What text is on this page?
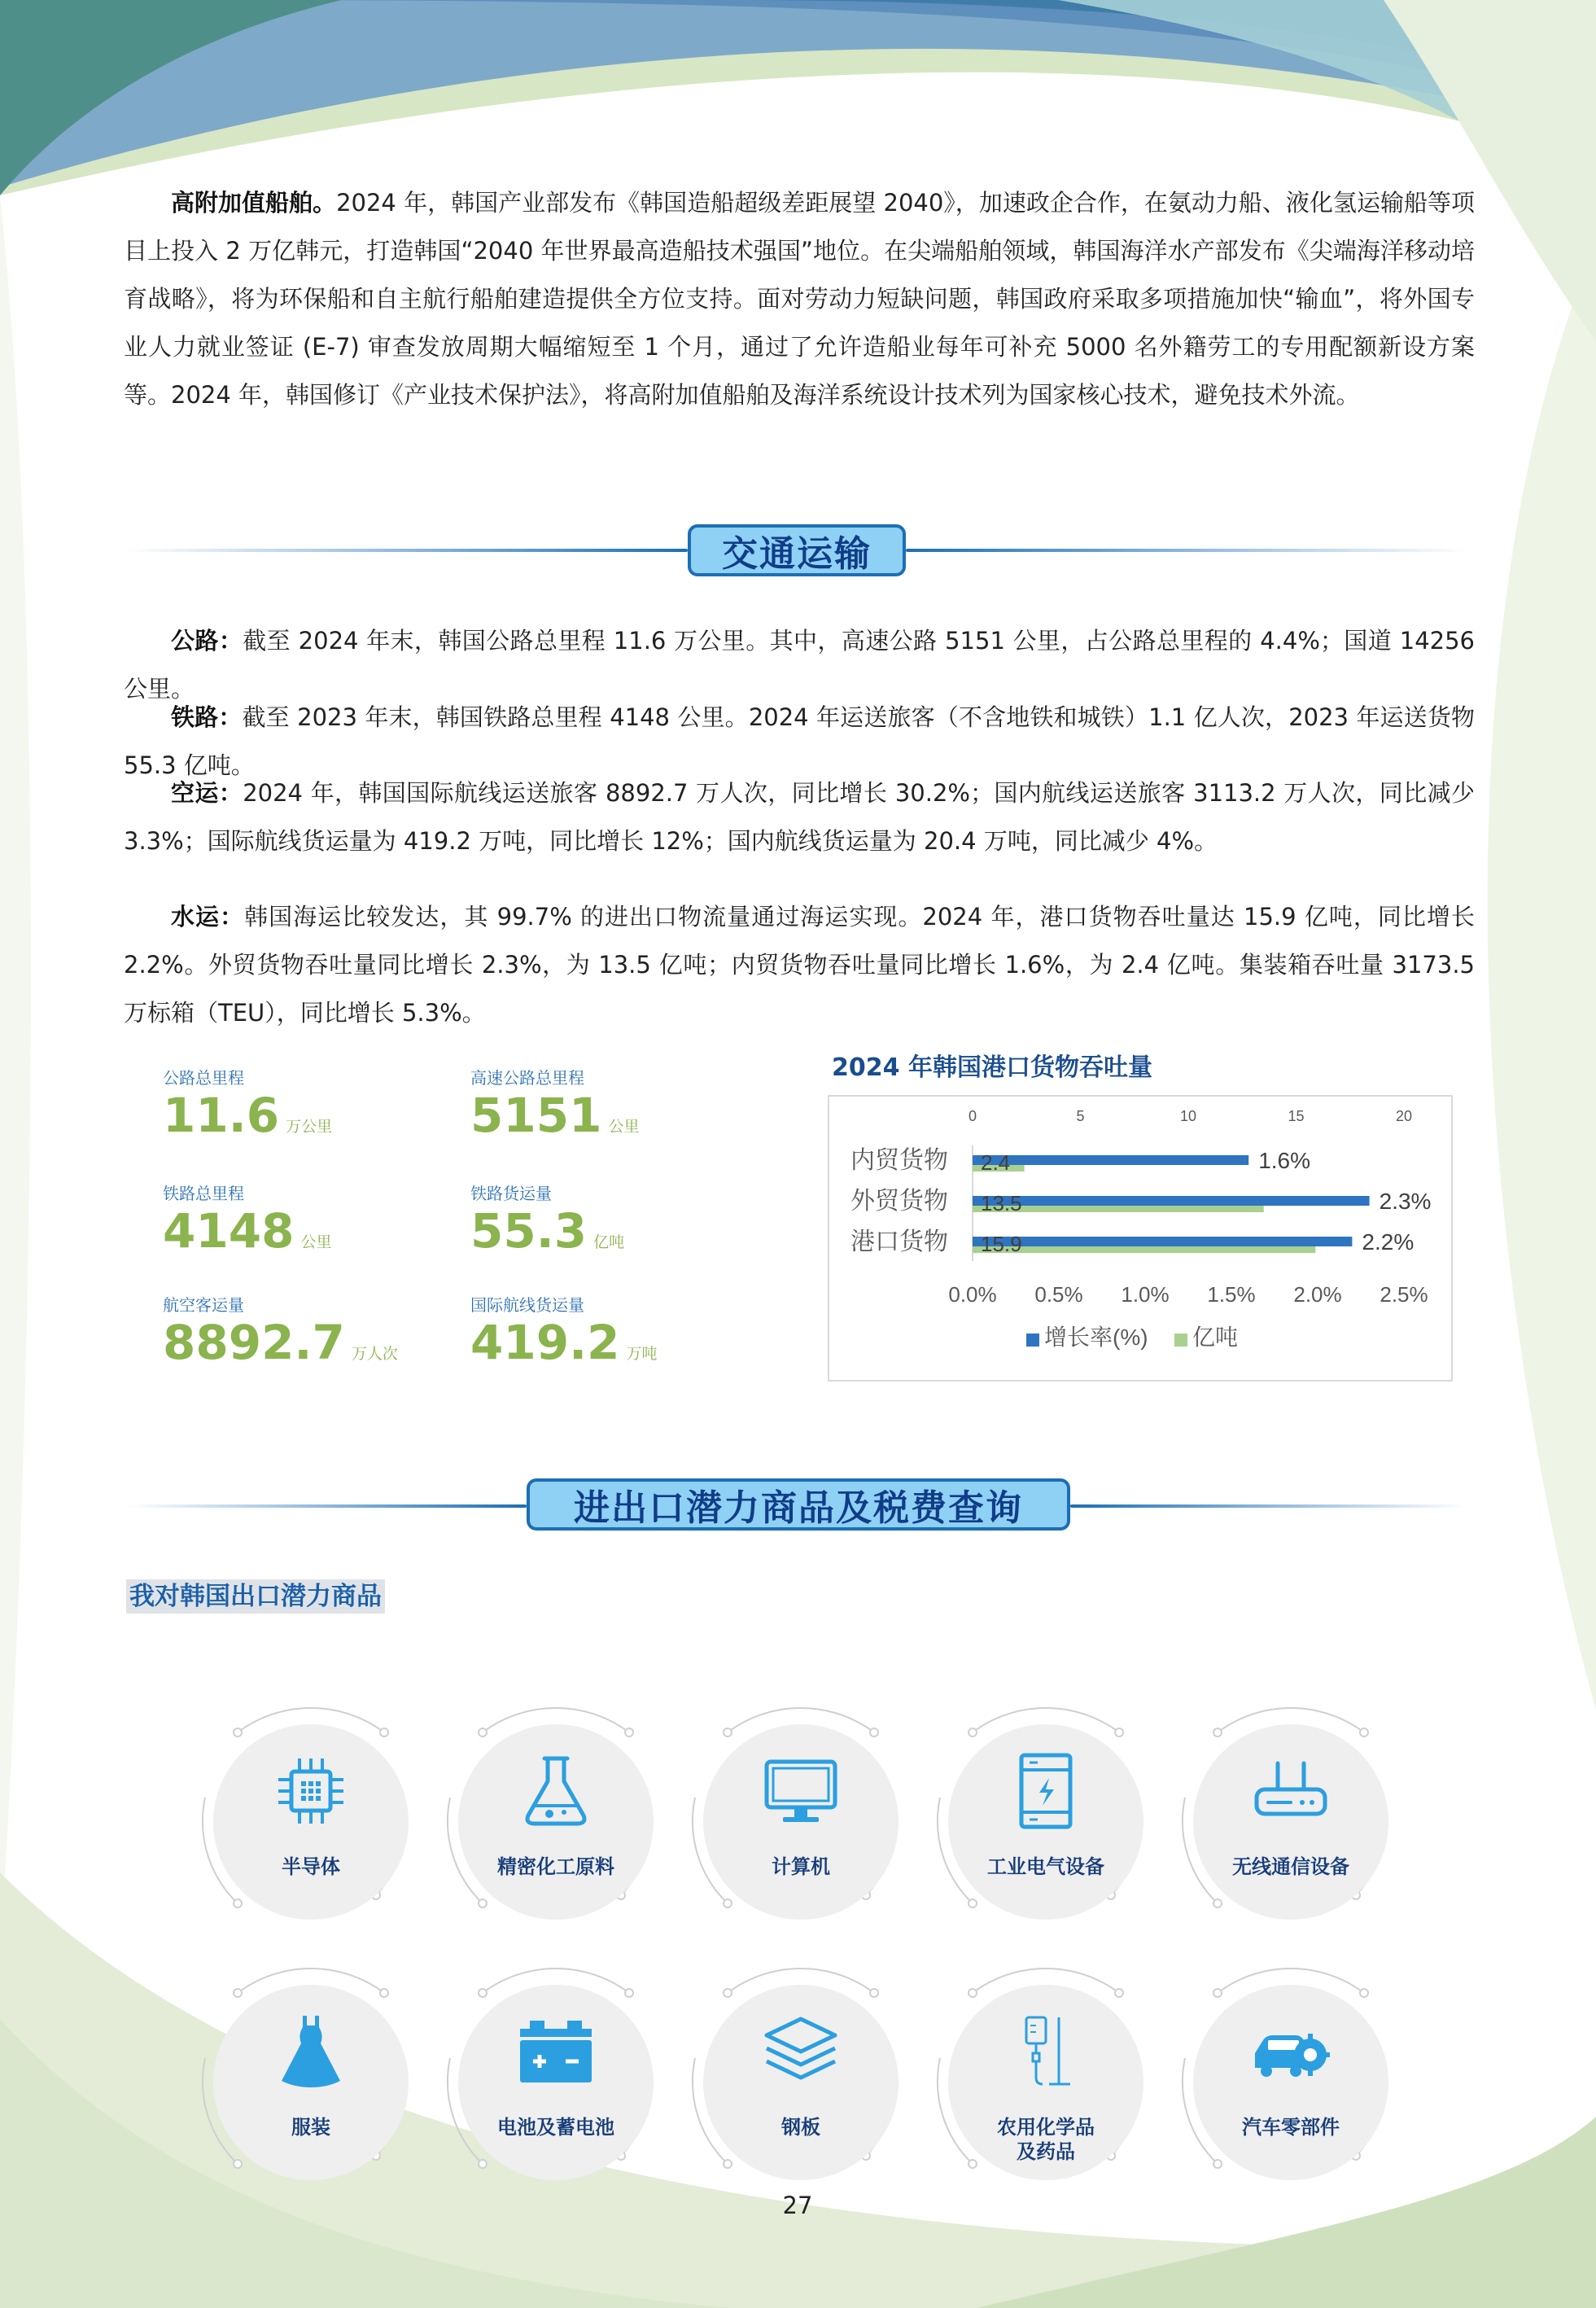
高附加值船舶。2024 年，韩国产业部发布《韩国造船超级差距展望 2040》，加速政企合作，在氨动力船、液化氢运输船等项目上投入 2 万亿韩元，打造韩国“2040 年世界最高造船技术强国”地位。在尖端船舶领域，韩国海洋水产部发布《尖端海洋移动培育战略》，将为环保船和自主航行船舶建造提供全方位支持。面对劳动力短缺问题，韩国政府采取多项措施加快“输血”，将外国专业人力就业签证 (E-7) 审查发放周期大幅缩短至 1 个月，通过了允许造船业每年可补充 5000 名外籍劳工的专用配额新设方案等。2024 年，韩国修订《产业技术保护法》，将高附加值船舶及海洋系统设计技术列为国家核心技术，避免技术外流。

交通运输

公路：截至 2024 年末，韩国公路总里程 11.6 万公里。其中，高速公路 5151 公里，占公路总里程的 4.4%；国道 14256 公里。

铁路：截至 2023 年末，韩国铁路总里程 4148 公里。2024 年运送旅客（不含地铁和城铁）1.1 亿人次，2023 年运送货物 55.3 亿吨。

空运：2024 年，韩国国际航线运送旅客 8892.7 万人次，同比增长 30.2%；国内航线运送旅客 3113.2 万人次，同比减少 3.3%；国际航线货运量为 419.2 万吨，同比增长 12%；国内航线货运量为 20.4 万吨，同比减少 4%。

水运：韩国海运比较发达，其 99.7% 的进出口物流量通过海运实现。2024 年，港口货物吞吐量达 15.9 亿吨，同比增长 2.2%。外贸货物吞吐量同比增长 2.3%，为 13.5 亿吨；内贸货物吞吐量同比增长 1.6%，为 2.4 亿吨。集装箱吞吐量 3173.5 万标箱（TEU），同比增长 5.3%。

公路总里程
11.6 万公里
高速公路总里程
5151 公里
铁路总里程
4148 公里
铁路货运量
55.3 亿吨
航空客运量
8892.7 万人次
国际航线货运量
419.2 万吨
2024 年韩国港口货物吞吐量
0	5	10	15	20
0.0% 0.5% 1.0% 1.5% 2.0% 2.5%
内贸货物	1.6%
2.4
外贸货物	2.3%
13.5
港口货物	2.2%
15.9
增长率(%) 亿吨
进出口潜力商品及税费查询
我对韩国出口潜力商品
半导体	精密化工原料	计算机	工业电气设备	无线通信设备
服装	电池及蓄电池	钢板	农用化学品及药品
汽车零部件
27
